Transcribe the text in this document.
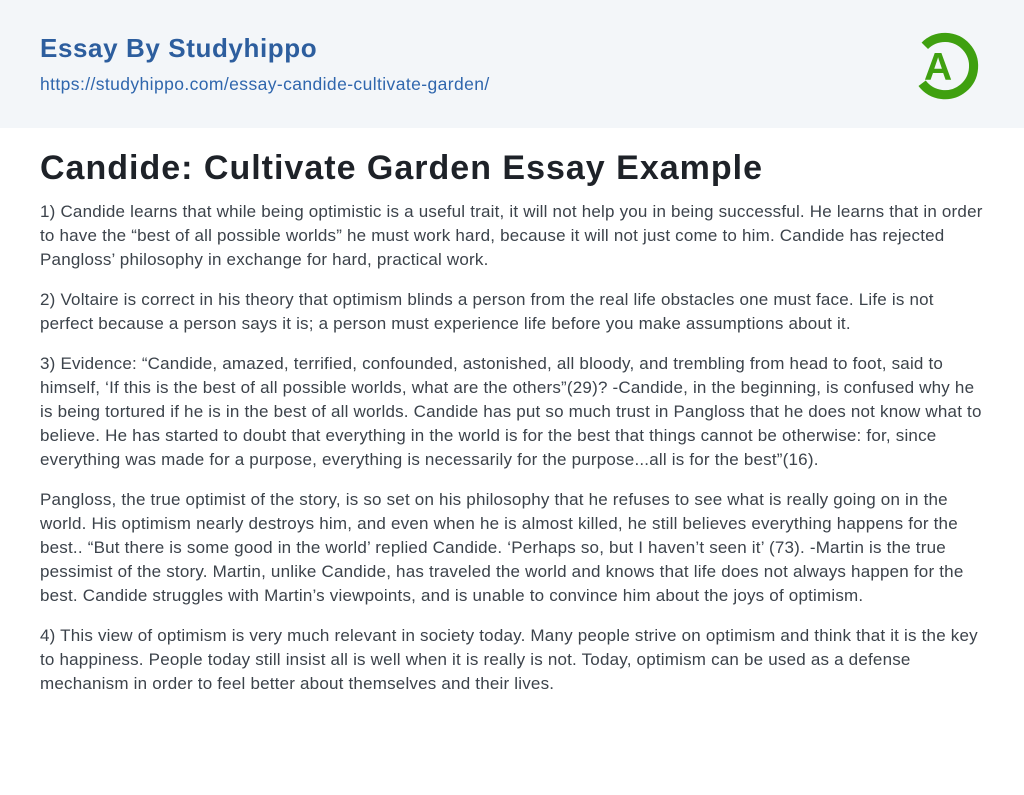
Essay By Studyhippo
https://studyhippo.com/essay-candide-cultivate-garden/	A
Candide: Cultivate Garden Essay Example

1) Candide learns that while being optimistic is a useful trait, it will not help you in being successful. He learns that in order to have the “best of all possible worlds” he must work hard, because it will not just come to him. Candide has rejected Pangloss’ philosophy in exchange for hard, practical work.

2) Voltaire is correct in his theory that optimism blinds a person from the real life obstacles one must face. Life is not perfect because a person says it is; a person must experience life before you make assumptions about it.

3) Evidence: “Candide, amazed, terrified, confounded, astonished, all bloody, and trembling from head to foot, said to himself, ‘If this is the best of all possible worlds, what are the others”(29)? -Candide, in the beginning, is confused why he is being tortured if he is in the best of all worlds. Candide has put so much trust in Pangloss that he does not know what to believe. He has started to doubt that everything in the world is for the best that things cannot be otherwise: for, since everything was made for a purpose, everything is necessarily for the purpose...all is for the best”(16).

Pangloss, the true optimist of the story, is so set on his philosophy that he refuses to see what is really going on in the world. His optimism nearly destroys him, and even when he is almost killed, he still believes everything happens for the best.. “But there is some good in the world’ replied Candide. ‘Perhaps so, but I haven’t seen it’ (73). -Martin is the true pessimist of the story. Martin, unlike Candide, has traveled the world and knows that life does not always happen for the best. Candide struggles with Martin’s viewpoints, and is unable to convince him about the joys of optimism.

4) This view of optimism is very much relevant in society today. Many people strive on optimism and think that it is the key to happiness. People today still insist all is well when it is really is not. Today, optimism can be used as a defense mechanism in order to feel better about themselves and their lives.
